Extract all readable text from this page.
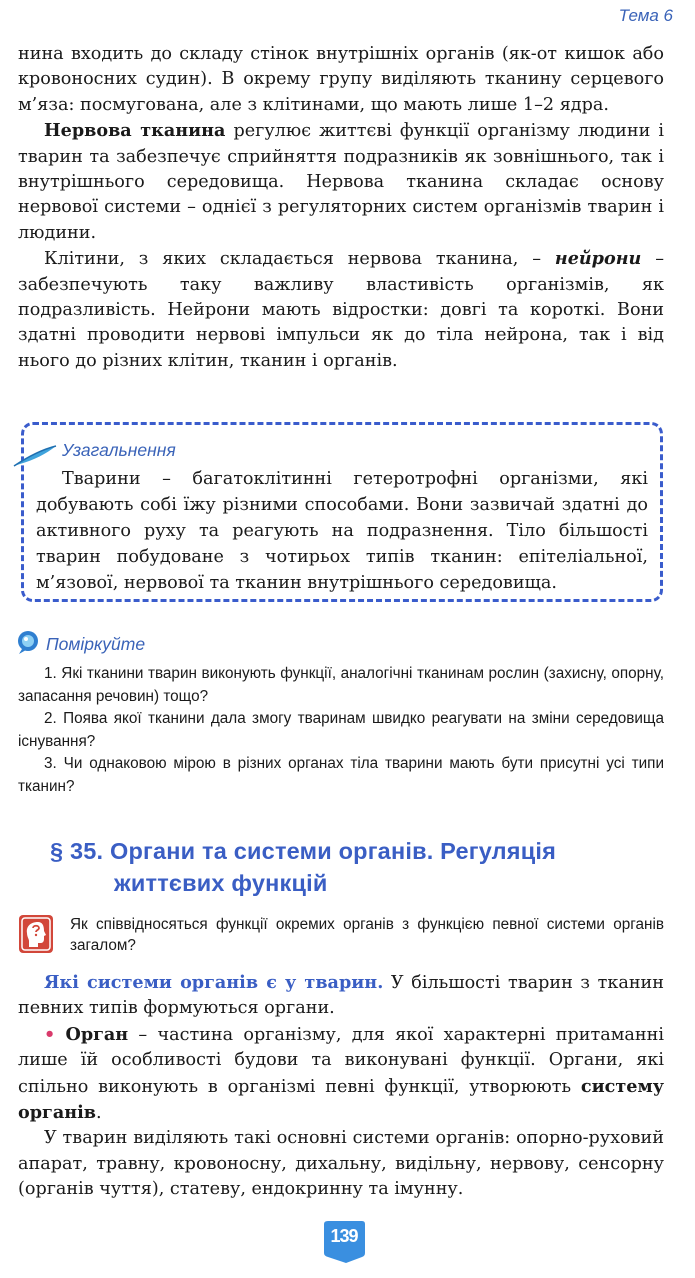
Тема 6

нина входить до складу стінок внутрішніх органів (як-от кишок або кровоносних судин). В окрему групу виділяють тканину серцевого м’яза: посмугована, але з клітинами, що мають лише 1–2 ядра.

Нервова тканина регулює життєві функції організму людини і тварин та забезпечує сприйняття подразників як зовнішнього, так і внутрішнього середовища. Нервова тканина складає основу нервової системи – однієї з регуляторних систем організмів тварин і людини.

Клітини, з яких складається нервова тканина, – нейрони – забезпечують таку важливу властивість організмів, як подразливість. Нейрони мають відростки: довгі та короткі. Вони здатні проводити нервові імпульси як до тіла нейрона, так і від нього до різних клітин, тканин і органів.

Узагальнення

Тварини – багатоклітинні гетеротрофні організми, які добувають собі їжу різними способами. Вони зазвичай здатні до активного руху та реагують на подразнення. Тіло більшості тварин побудоване з чотирьох типів тканин: епітеліальної, м’язової, нервової та тканин внутрішнього середовища.

Поміркуйте

1. Які тканини тварин виконують функції, аналогічні тканинам рослин (захисну, опорну, запасання речовин) тощо?

2. Поява якої тканини дала змогу тваринам швидко реагувати на зміни середовища існування?

3. Чи однаковою мірою в різних органах тіла тварини мають бути присутні усі типи тканин?

§ 35. Органи та системи органів. Регуляція
життєвих функцій
Як співвідносяться функції окремих органів з функцією певної системи органів загалом?

Які системи органів є у тварин. У більшості тварин з тканин певних типів формуються органи.

• Орган – частина організму, для якої характерні притаманні лише їй особливості будови та виконувані функції. Органи, які спільно виконують в організмі певні функції, утворюють систему органів.

У тварин виділяють такі основні системи органів: опорно-руховий апарат, травну, кровоносну, дихальну, видільну, нервову, сенсорну (органів чуття), статеву, ендокринну та імунну.

139
